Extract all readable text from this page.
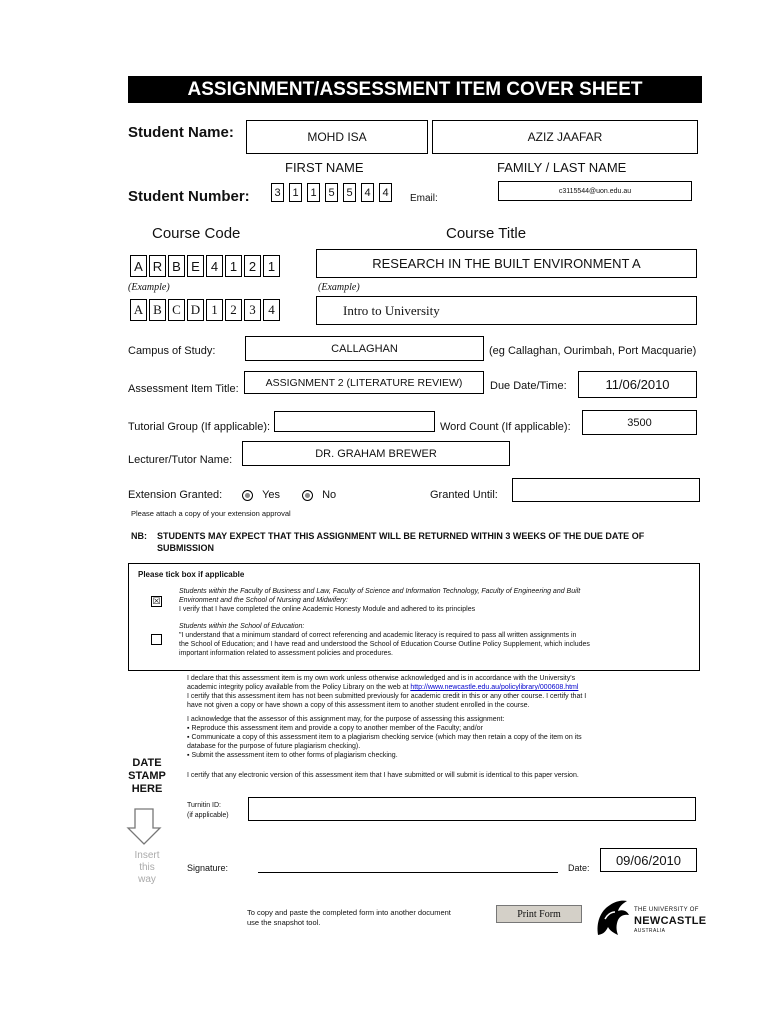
ASSIGNMENT/ASSESSMENT ITEM COVER SHEET
Student Name:	MOHD ISA	AZIZ JAAFAR
FIRST NAME	FAMILY / LAST NAME
Student Number:	3	1	1	5	5	4	4	Email:
c3115544@uon.edu.au
Course Code	Course Title
A R B E 4 1 2 1	RESEARCH IN THE BUILT ENVIRONMENT A
(Example)	(Example)
A B C D 1 2 3 4	Intro to University
Campus of Study:	CALLAGHAN	(eg Callaghan, Ourimbah, Port Macquarie)
Assessment Item Title:
ASSIGNMENT 2 (LITERATURE REVIEW)	Due Date/Time:	11/06/2010
Tutorial Group (If applicable):	Word Count (If applicable):	3500
Lecturer/Tutor Name:
DR. GRAHAM BREWER
Extension Granted:	Yes	No	Granted Until:
Please attach a copy of your extension approval
NB: STUDENTS MAY EXPECT THAT THIS ASSIGNMENT WILL BE RETURNED WITHIN 3 WEEKS OF THE DUE DATE OF
SUBMISSION
Please tick box if applicable
☒
Students within the Faculty of Business and Law, Faculty of Science and Information Technology, Faculty of Engineering and Built
Environment and the School of Nursing and Midwifery:
I verify that I have completed the online Academic Honesty Module and adhered to its principles
Students within the School of Education:
"I understand that a minimum standard of correct referencing and academic literacy is required to pass all written assignments in
the School of Education; and I have read and understood the School of Education Course Outline Policy Supplement, which includes
important information related to assessment policies and procedures.
I declare that this assessment item is my own work unless otherwise acknowledged and is in accordance with the University's
academic integrity policy available from the Policy Library on the web at http://www.newcastle.edu.au/policylibrary/000608.html
I certify that this assessment item has not been submitted previously for academic credit in this or any other course. I certify that I
have not given a copy or have shown a copy of this assessment item to another student enrolled in the course.
I acknowledge that the assessor of this assignment may, for the purpose of assessing this assignment:
▪ Reproduce this assessment item and provide a copy to another member of the Faculty; and/or
▪ Communicate a copy of this assessment item to a plagiarism checking service (which may then retain a copy of the item on its
database for the purpose of future plagiarism checking).
▪ Submit the assessment item to other forms of plagiarism checking.
I certify that any electronic version of this assessment item that I have submitted or will submit is identical to this paper version.
DATE
STAMP
HERE
Insert
this
way
Turnitin ID:
(if applicable)
Signature:	Date:
09/06/2010
To copy and paste the completed form into another document
use the snapshot tool.
Print Form	THE UNIVERSITY OF
NEWCASTLE
AUSTRALIA
